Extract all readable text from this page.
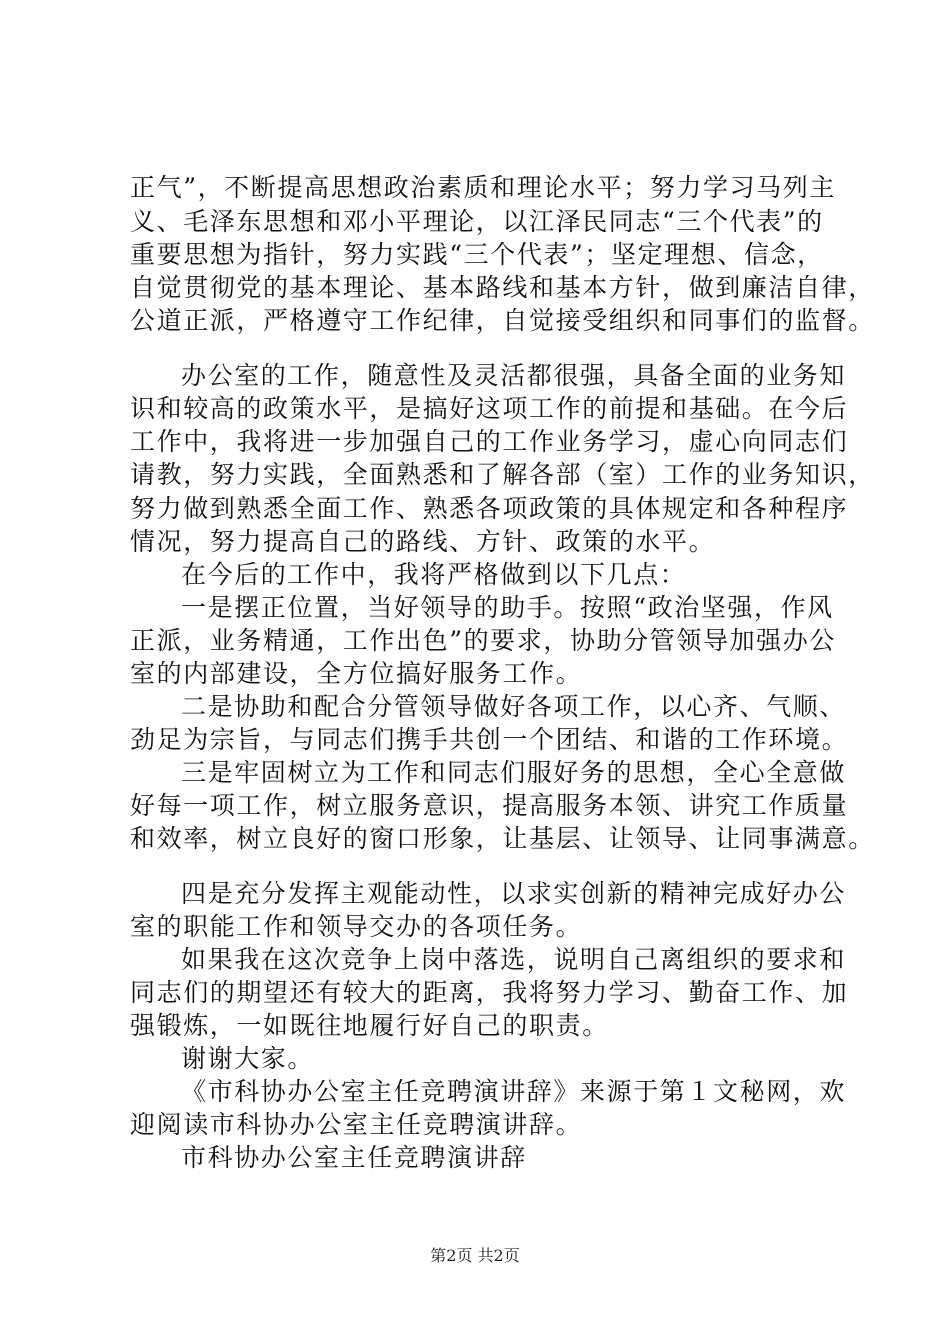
正气”，不断提高思想政治素质和理论水平；努力学习马列主
义、毛泽东思想和邓小平理论，以江泽民同志“三个代表”的
重要思想为指针，努力实践“三个代表”；坚定理想、信念，
自觉贯彻党的基本理论、基本路线和基本方针，做到廉洁自律，
公道正派，严格遵守工作纪律，自觉接受组织和同事们的监督。
办公室的工作，随意性及灵活都很强，具备全面的业务知
识和较高的政策水平，是搞好这项工作的前提和基础。在今后
工作中，我将进一步加强自己的工作业务学习，虚心向同志们
请教，努力实践，全面熟悉和了解各部（室）工作的业务知识，
努力做到熟悉全面工作、熟悉各项政策的具体规定和各种程序
情况，努力提高自己的路线、方针、政策的水平。
在今后的工作中，我将严格做到以下几点：
一是摆正位置，当好领导的助手。按照“政治坚强，作风
正派，业务精通，工作出色”的要求，协助分管领导加强办公
室的内部建设，全方位搞好服务工作。
二是协助和配合分管领导做好各项工作，以心齐、气顺、
劲足为宗旨，与同志们携手共创一个团结、和谐的工作环境。
三是牢固树立为工作和同志们服好务的思想，全心全意做
好每一项工作，树立服务意识，提高服务本领、讲究工作质量
和效率，树立良好的窗口形象，让基层、让领导、让同事满意。
四是充分发挥主观能动性，以求实创新的精神完成好办公
室的职能工作和领导交办的各项任务。
如果我在这次竞争上岗中落选，说明自己离组织的要求和
同志们的期望还有较大的距离，我将努力学习、勤奋工作、加
强锻炼，一如既往地履行好自己的职责。
谢谢大家。
《市科协办公室主任竞聘演讲辞》来源于第１文秘网，欢
迎阅读市科协办公室主任竞聘演讲辞。
市科协办公室主任竞聘演讲辞
第2页 共2页
